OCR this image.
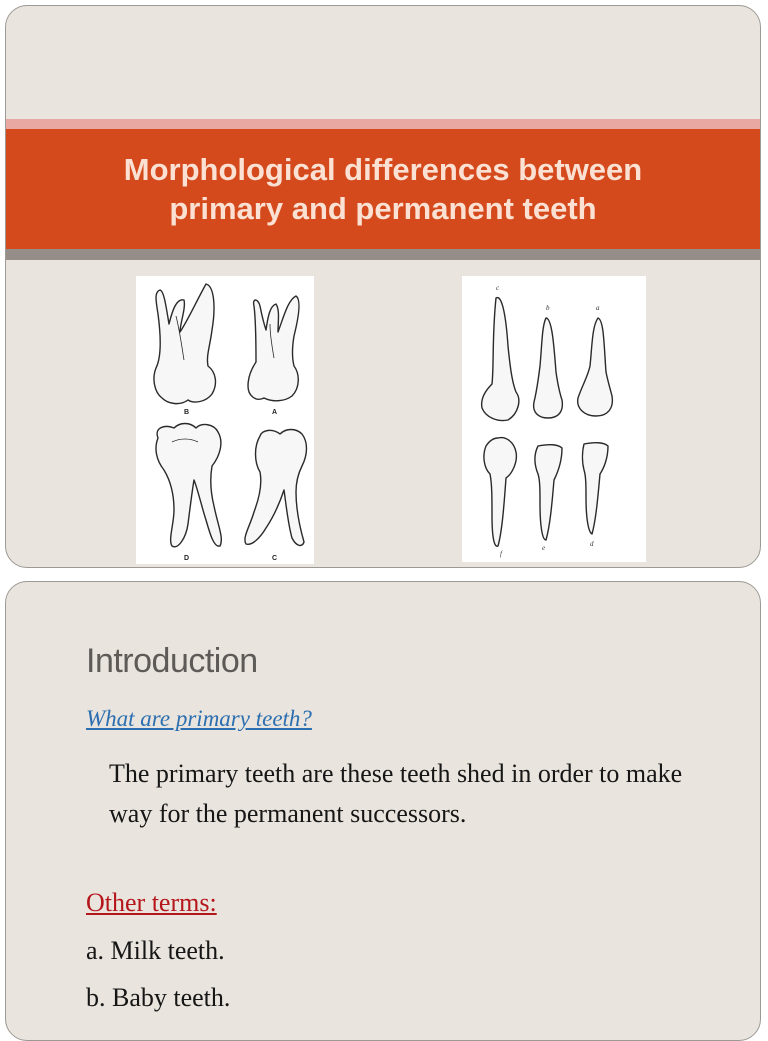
Morphological differences between
primary and permanent teeth
B	A
D	C
c
b	a
f
e	d
Introduction
What are primary teeth?

The primary teeth are these teeth shed in order to make way for the permanent successors.

Other terms:
a. Milk teeth.
b. Baby teeth.
